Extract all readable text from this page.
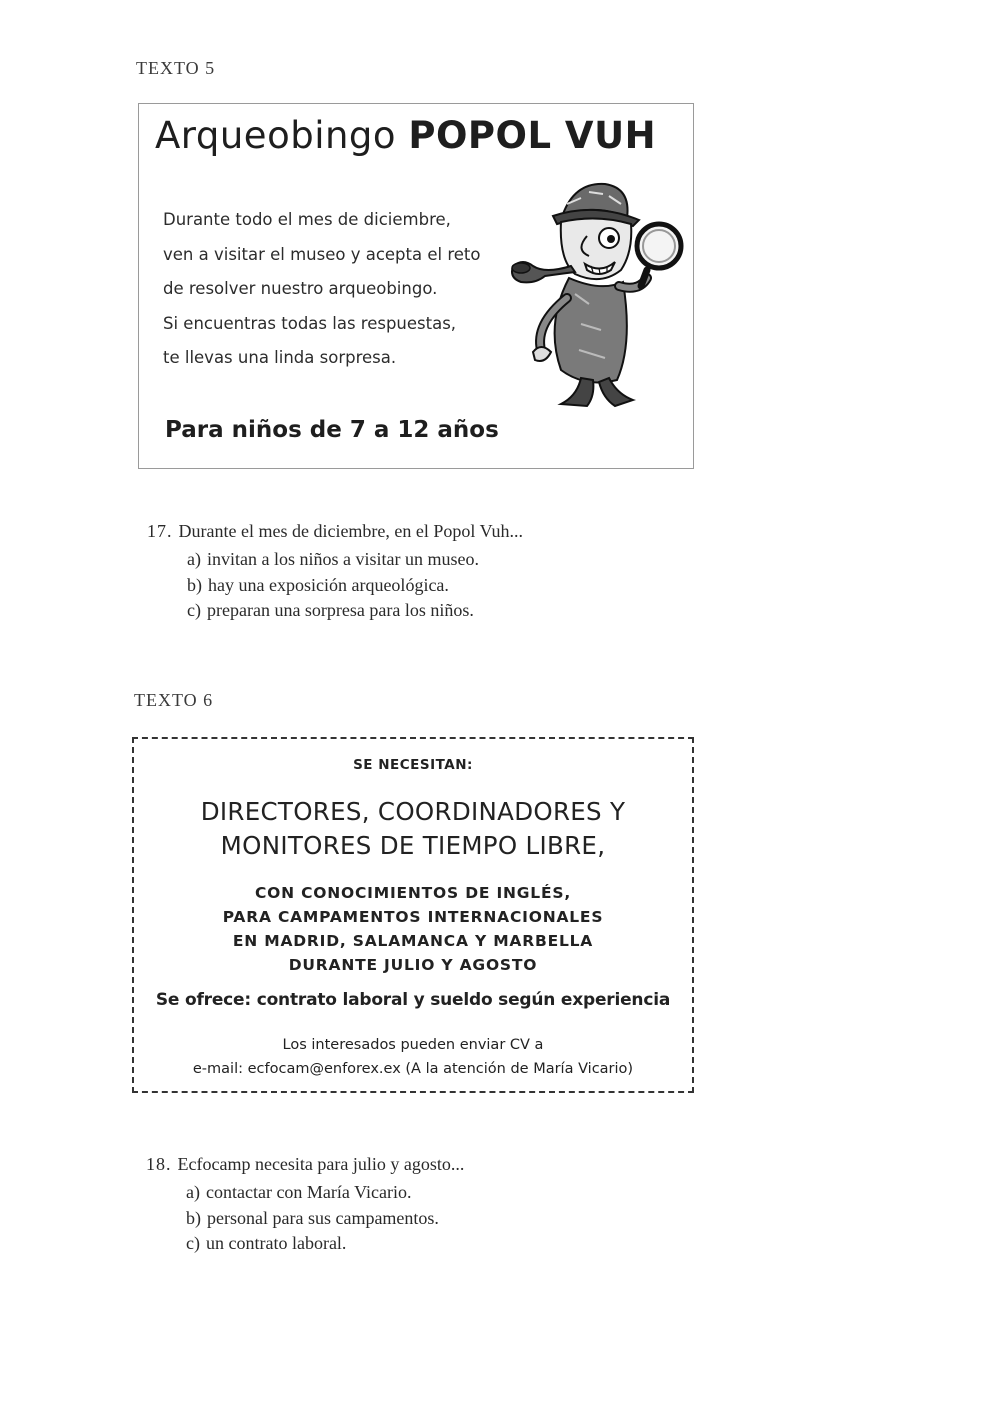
TEXTO 5
Arqueobingo POPOL VUH
Durante todo el mes de diciembre,
ven a visitar el museo y acepta el reto
de resolver nuestro arqueobingo.
Si encuentras todas las respuestas,
te llevas una linda sorpresa.
Para niños de 7 a 12 años
17. Durante el mes de diciembre, en el Popol Vuh...
a) invitan a los niños a visitar un museo.
b) hay una exposición arqueológica.
c) preparan una sorpresa para los niños.
TEXTO 6
SE NECESITAN:
DIRECTORES, COORDINADORES Y
MONITORES DE TIEMPO LIBRE,
CON CONOCIMIENTOS DE INGLÉS,
PARA CAMPAMENTOS INTERNACIONALES
EN MADRID, SALAMANCA Y MARBELLA
DURANTE JULIO Y AGOSTO
Se ofrece: contrato laboral y sueldo según experiencia
Los interesados pueden enviar CV a
e-mail: ecfocam@enforex.ex (A la atención de María Vicario)
18. Ecfocamp necesita para julio y agosto...
a) contactar con María Vicario.
b) personal para sus campamentos.
c) un contrato laboral.
